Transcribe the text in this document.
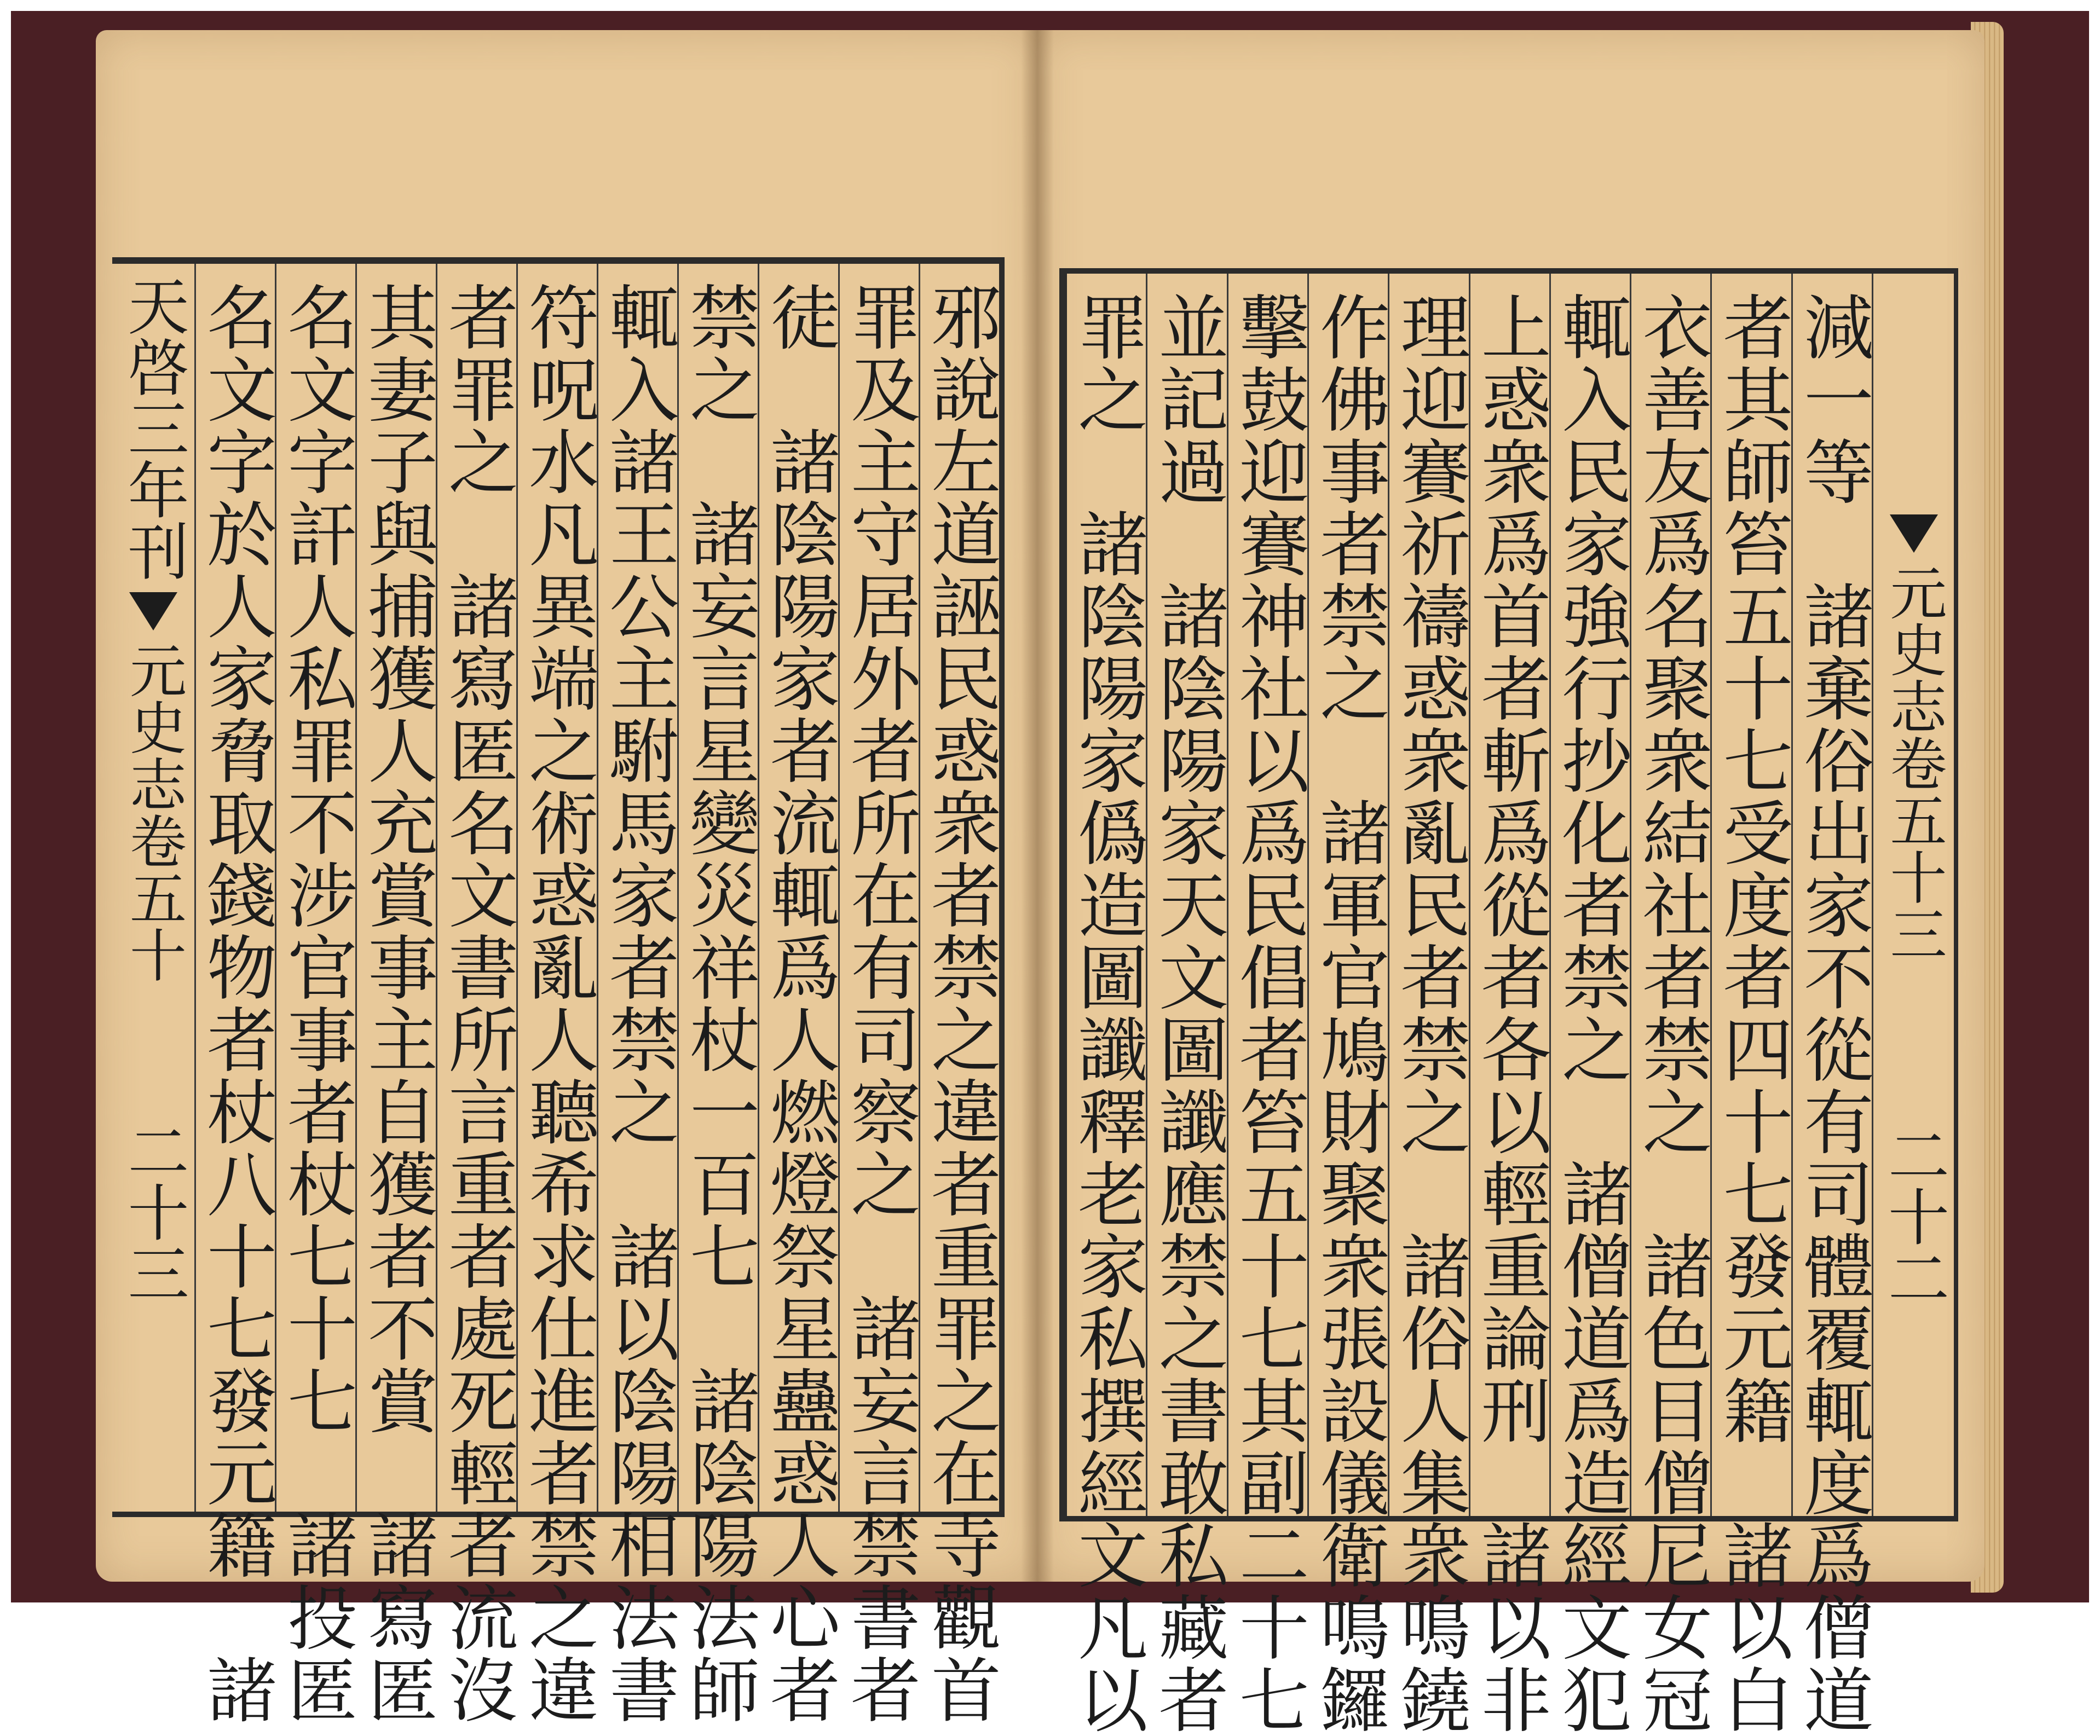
邪說左道誣民惑衆者禁之違者重罪之在寺觀首
罪及主守居外者所在有司察之　諸妄言禁書者
徒　諸陰陽家者流輒爲人燃燈祭星蠱惑人心者
禁之　諸妄言星變災祥杖一百七　諸陰陽法師
輒入諸王公主駙馬家者禁之　諸以陰陽相法書
符呪水凡異端之術惑亂人聽希求仕進者禁之違
者罪之　諸寫匿名文書所言重者處死輕者流沒
其妻子與捕獲人充賞事主自獲者不賞　諸寫匿
名文字訐人私罪不涉官事者杖七十七　諸投匿
名文字於人家脅取錢物者杖八十七發元籍　諸
天啓三年刊
元史志卷五十
二十三
元史志卷五十三
二十二
減一等　諸棄俗出家不從有司體覆輒度爲僧道
者其師笞五十七受度者四十七發元籍　諸以白
衣善友爲名聚衆結社者禁之　諸色目僧尼女冠
輒入民家強行抄化者禁之　諸僧道爲造經文犯
上惑衆爲首者斬爲從者各以輕重論刑　諸以非
理迎賽祈禱惑衆亂民者禁之　諸俗人集衆鳴鐃
作佛事者禁之　諸軍官鳩財聚衆張設儀衛鳴鑼
擊鼓迎賽神社以爲民倡者笞五十七其副二十七
並記過　諸陰陽家天文圖讖應禁之書敢私藏者
罪之　諸陰陽家僞造圖讖釋老家私撰經文凡以
